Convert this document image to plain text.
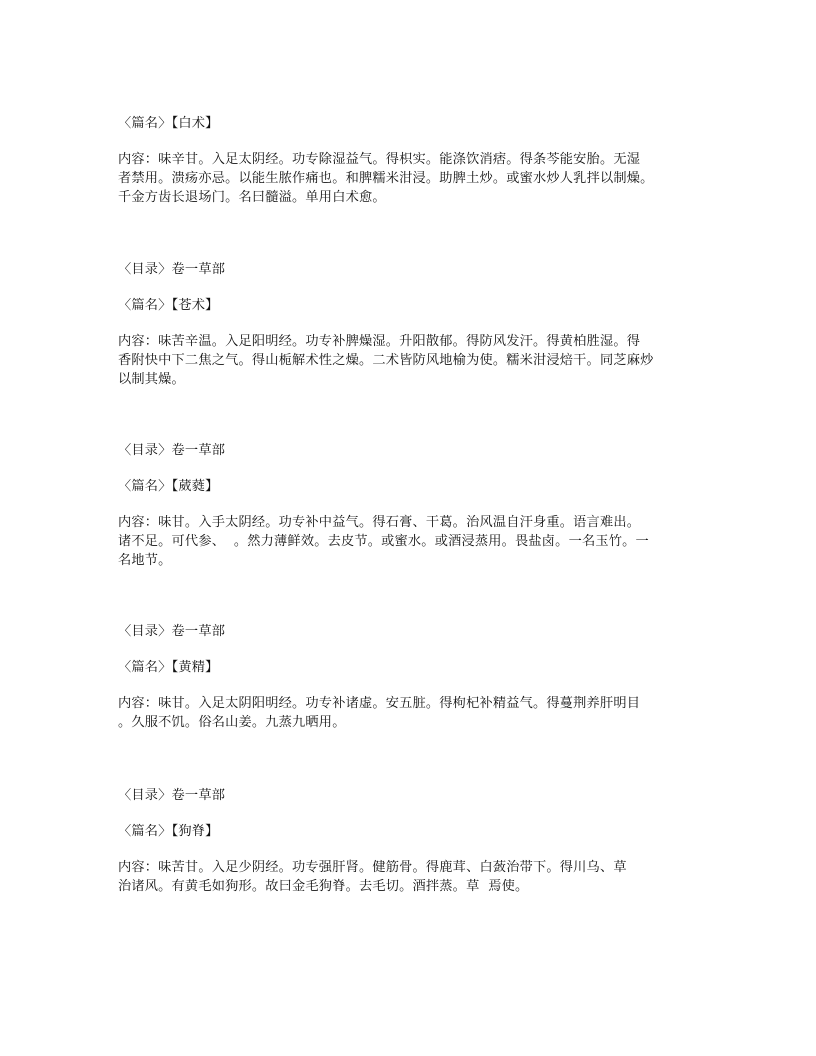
〈篇名〉【白术】
内容：味辛甘。入足太阴经。功专除湿益气。得枳实。能涤饮消痞。得条芩能安胎。无湿
者禁用。溃疡亦忌。以能生脓作痛也。和脾糯米泔浸。助脾土炒。或蜜水炒人乳拌以制燥。
千金方齿长退场门。名曰髓溢。单用白术愈。
〈目录〉卷一草部
〈篇名〉【苍术】
内容：味苦辛温。入足阳明经。功专补脾燥湿。升阳散郁。得防风发汗。得黄柏胜湿。得
香附快中下二焦之气。得山栀解术性之燥。二术皆防风地榆为使。糯米泔浸焙干。同芝麻炒
以制其燥。
〈目录〉卷一草部
〈篇名〉【葳蕤】
内容：味甘。入手太阴经。功专补中益气。得石膏、干葛。治风温自汗身重。语言难出。
诸不足。可代参、  。然力薄鲜效。去皮节。或蜜水。或酒浸蒸用。畏盐卤。一名玉竹。一
名地节。
〈目录〉卷一草部
〈篇名〉【黄精】
内容：味甘。入足太阴阳明经。功专补诸虚。安五脏。得枸杞补精益气。得蔓荆养肝明目
。久服不饥。俗名山姜。九蒸九晒用。
〈目录〉卷一草部
〈篇名〉【狗脊】
内容：味苦甘。入足少阴经。功专强肝肾。健筋骨。得鹿茸、白蔹治带下。得川乌、草
治诸风。有黄毛如狗形。故曰金毛狗脊。去毛切。酒拌蒸。草  焉使。
